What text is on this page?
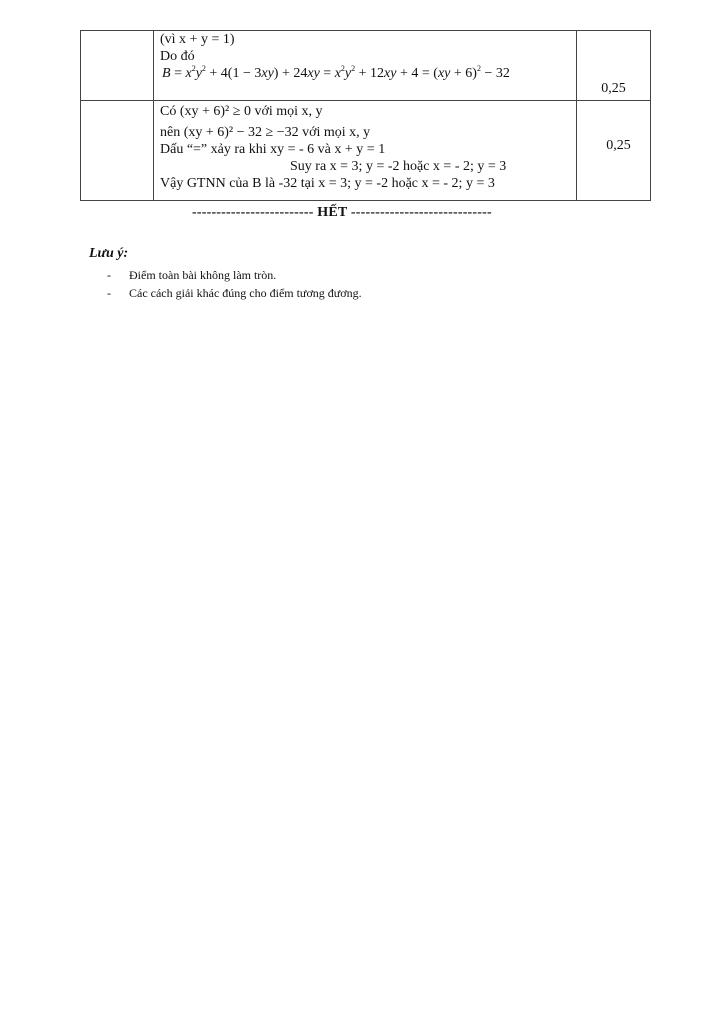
	(vì x + y = 1)
Do đó
$B = x^2y^2 + 4(1 - 3xy) + 24xy = x^2y^2 + 12xy + 4 = (xy + 6)^2 - 32$	0,25

	Có (xy + 6)² ≥ 0 với mọi x, y
nên (xy + 6)² − 32 ≥ −32 với mọi x, y
Dấu “=” xảy ra khi xy = - 6 và x + y = 1
Suy ra x = 3; y = -2 hoặc x = - 2; y = 3
Vậy GTNN của B là -32 tại x = 3; y = -2 hoặc x = - 2; y = 3	0,25
------------------------- HẾT -----------------------------
Lưu ý:
-	Điểm toàn bài không làm tròn.
-	Các cách giải khác đúng cho điểm tương đương.
